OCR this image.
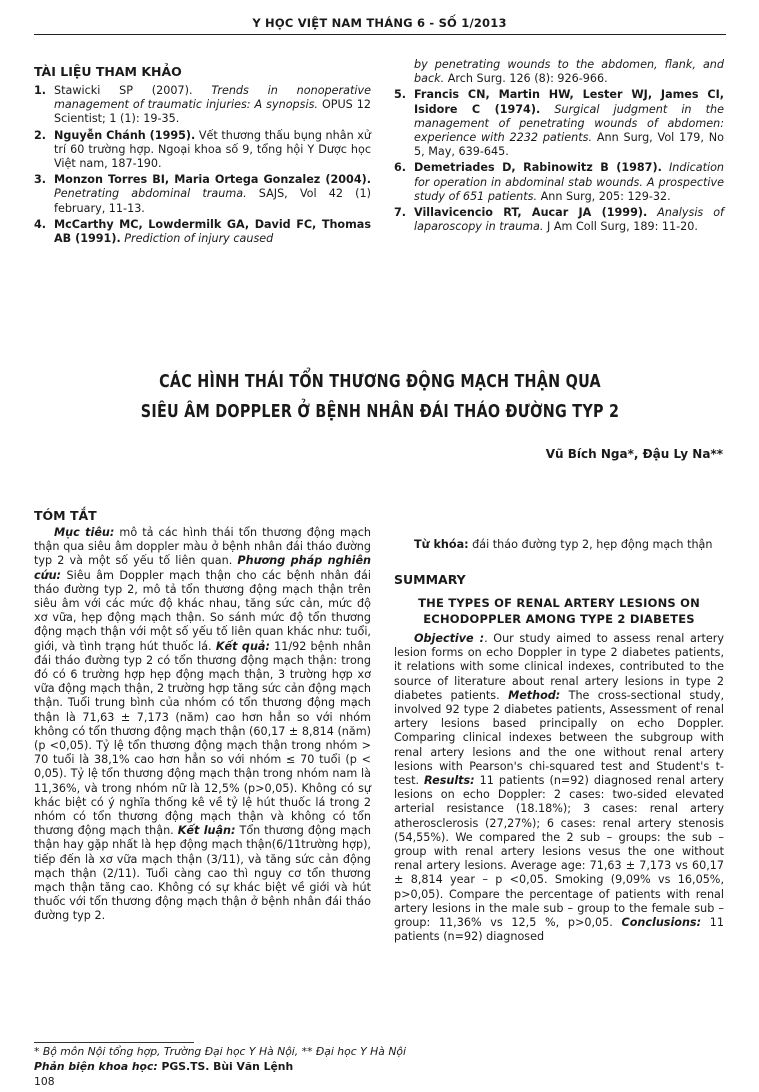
Y HỌC VIỆT NAM THÁNG 6 - SỐ 1/2013
TÀI LIỆU THAM KHẢO
1. Stawicki SP (2007). Trends in nonoperative management of traumatic injuries: A synopsis. OPUS 12 Scientist; 1 (1): 19-35.
2. Nguyễn Chánh (1995). Vết thương thấu bụng nhân xử trí 60 trường hợp. Ngoại khoa số 9, tổng hội Y Dược học Việt nam, 187-190.
3. Monzon Torres BI, Maria Ortega Gonzalez (2004). Penetrating abdominal trauma. SAJS, Vol 42 (1) february, 11-13.
4. McCarthy MC, Lowdermilk GA, David FC, Thomas AB (1991). Prediction of injury caused

by penetrating wounds to the abdomen, flank, and back. Arch Surg. 126 (8): 926-966.

5. Francis CN, Martin HW, Lester WJ, James CI, Isidore C (1974). Surgical judgment in the management of penetrating wounds of abdomen: experience with 2232 patients. Ann Surg, Vol 179, No 5, May, 639-645.
6. Demetriades D, Rabinowitz B (1987). Indication for operation in abdominal stab wounds. A prospective study of 651 patients. Ann Surg, 205: 129-32.
7. Villavicencio RT, Aucar JA (1999). Analysis of laparoscopy in trauma. J Am Coll Surg, 189: 11-20.
CÁC HÌNH THÁI TỔN THƯƠNG ĐỘNG MẠCH THẬN QUA
SIÊU ÂM DOPPLER Ở BỆNH NHÂN ĐÁI THÁO ĐƯỜNG TYP 2
Vũ Bích Nga*, Đậu Ly Na**
TÓM TẮT

Mục tiêu: mô tả các hình thái tổn thương động mạch thận qua siêu âm doppler màu ở bệnh nhân đái tháo đường typ 2 và một số yếu tố liên quan. Phương pháp nghiên cứu: Siêu âm Doppler mạch thận cho các bệnh nhân đái tháo đường typ 2, mô tả tổn thương động mạch thận trên siêu âm với các mức độ khác nhau, tăng sức cản, mức độ xơ vữa, hẹp động mạch thận. So sánh mức độ tổn thương động mạch thận với một số yếu tố liên quan khác như: tuổi, giới, và tình trạng hút thuốc lá. Kết quả: 11/92 bệnh nhân đái tháo đường typ 2 có tổn thương động mạch thận: trong đó có 6 trường hợp hẹp động mạch thận, 3 trường hợp xơ vữa động mạch thận, 2 trường hợp tăng sức cản động mạch thận. Tuổi trung bình của nhóm có tổn thương động mạch thận là 71,63 ± 7,173 (năm) cao hơn hẳn so với nhóm không có tổn thương động mạch thận (60,17 ± 8,814 (năm) (p <0,05). Tỷ lệ tổn thương động mạch thận trong nhóm > 70 tuổi là 38,1% cao hơn hẳn so với nhóm ≤ 70 tuổi (p < 0,05). Tỷ lệ tổn thương động mạch thận trong nhóm nam là 11,36%, và trong nhóm nữ là 12,5% (p>0,05). Không có sự khác biệt có ý nghĩa thống kê về tỷ lệ hút thuốc lá trong 2 nhóm có tổn thương động mạch thận và không có tổn thương động mạch thận. Kết luận: Tổn thương động mạch thận hay gặp nhất là hẹp động mạch thận(6/11trường hợp), tiếp đến là xơ vữa mạch thận (3/11), và tăng sức cản động mạch thận (2/11). Tuổi càng cao thì nguy cơ tổn thương mạch thận tăng cao. Không có sự khác biệt về giới và hút thuốc với tổn thương động mạch thận ở bệnh nhân đái tháo đường typ 2.

Từ khóa: đái tháo đường typ 2, hẹp động mạch thận

SUMMARY
THE TYPES OF RENAL ARTERY LESIONS ON
ECHODOPPLER AMONG TYPE 2 DIABETES

Objective :. Our study aimed to assess renal artery lesion forms on echo Doppler in type 2 diabetes patients, it relations with some clinical indexes, contributed to the source of literature about renal artery lesions in type 2 diabetes patients. Method: The cross-sectional study, involved 92 type 2 diabetes patients, Assessment of renal artery lesions based principally on echo Doppler. Comparing clinical indexes between the subgroup with renal artery lesions and the one without renal artery lesions with Pearson's chi-squared test and Student's t-test. Results: 11 patients (n=92) diagnosed renal artery lesions on echo Doppler: 2 cases: two-sided elevated arterial resistance (18.18%); 3 cases: renal artery atherosclerosis (27,27%); 6 cases: renal artery stenosis (54,55%). We compared the 2 sub – groups: the sub – group with renal artery lesions vesus the one without renal artery lesions. Average age: 71,63 ± 7,173 vs 60,17 ± 8,814 year – p <0,05. Smoking (9,09% vs 16,05%, p>0,05). Compare the percentage of patients with renal artery lesions in the male sub – group to the female sub – group: 11,36% vs 12,5 %, p>0,05. Conclusions: 11 patients (n=92) diagnosed

* Bộ môn Nội tổng hợp, Trường Đại học Y Hà Nội, ** Đại học Y Hà Nội
Phản biện khoa học: PGS.TS. Bùi Văn Lệnh
108
